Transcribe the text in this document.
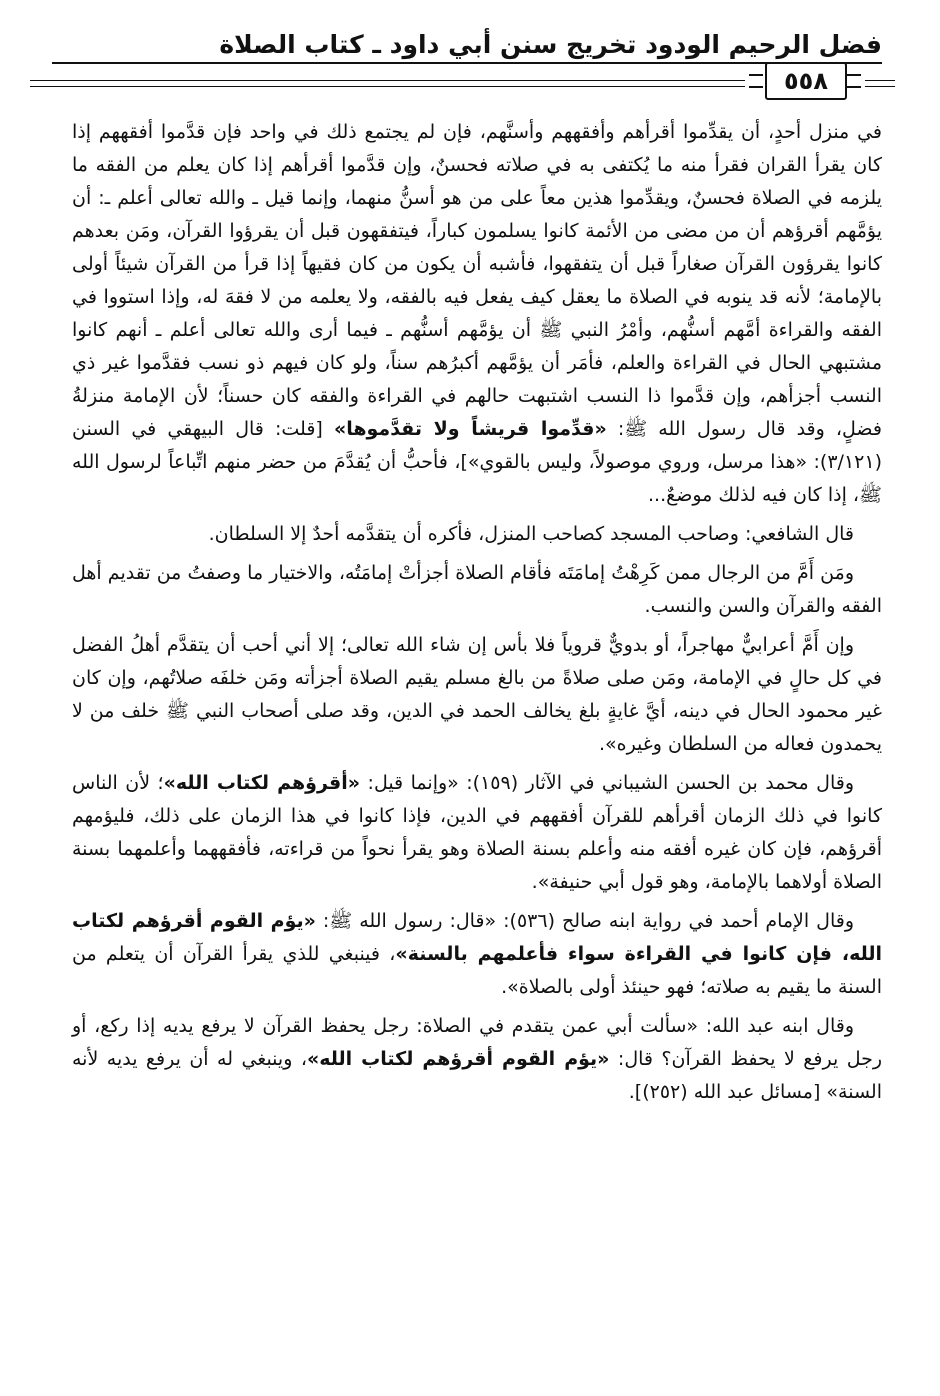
فضل الرحيم الودود تخريج سنن أبي داود ـ كتاب الصلاة
٥٥٨

في منزل أحدٍ، أن يقدِّموا أقرأهم وأفقههم وأسنَّهم، فإن لم يجتمع ذلك في واحد فإن قدَّموا أفقههم إذا كان يقرأ القران فقرأ منه ما يُكتفى به في صلاته فحسنٌ، وإن قدَّموا أقرأهم إذا كان يعلم من الفقه ما يلزمه في الصلاة فحسنٌ، ويقدِّموا هذين معاً على من هو أسنُّ منهما، وإنما قيل ـ والله تعالى أعلم ـ: أن يؤمَّهم أقرؤهم أن من مضى من الأئمة كانوا يسلمون كباراً، فيتفقهون قبل أن يقرؤوا القرآن، ومَن بعدهم كانوا يقرؤون القرآن صغاراً قبل أن يتفقهوا، فأشبه أن يكون من كان فقيهاً إذا قرأ من القرآن شيئاً أولى بالإمامة؛ لأنه قد ينوبه في الصلاة ما يعقل كيف يفعل فيه بالفقه، ولا يعلمه من لا فقهَ له، وإذا استووا في الفقه والقراءة أمَّهم أسنُّهم، وأمْرُ النبي ﷺ أن يؤمَّهم أسنُّهم ـ فيما أرى والله تعالى أعلم ـ أنهم كانوا مشتبهي الحال في القراءة والعلم، فأمَر أن يؤمَّهم أكبرُهم سناً، ولو كان فيهم ذو نسب فقدَّموا غير ذي النسب أجزأهم، وإن قدَّموا ذا النسب اشتبهت حالهم في القراءة والفقه كان حسناً؛ لأن الإمامة منزلةُ فضلٍ، وقد قال رسول الله ﷺ: «قدِّموا قريشاً ولا تقدَّموها» [قلت: قال البيهقي في السنن (٣/١٢١): «هذا مرسل، وروي موصولاً، وليس بالقوي»]، فأحبُّ أن يُقدَّمَ من حضر منهم اتِّباعاً لرسول الله ﷺ، إذا كان فيه لذلك موضعٌ...

قال الشافعي: وصاحب المسجد كصاحب المنزل، فأكره أن يتقدَّمه أحدٌ إلا السلطان.

ومَن أَمَّ من الرجال ممن كَرِهْتُ إمامَتَه فأقام الصلاة أجزأتْ إمامَتُه، والاختيار ما وصفتُ من تقديم أهل الفقه والقرآن والسن والنسب.

وإن أَمَّ أعرابيٌّ مهاجراً، أو بدويٌّ قروياً فلا بأس إن شاء الله تعالى؛ إلا أني أحب أن يتقدَّم أهلُ الفضل في كل حالٍ في الإمامة، ومَن صلى صلاةً من بالغ مسلم يقيم الصلاة أجزأته ومَن خلفَه صلاتُهم، وإن كان غير محمود الحال في دينه، أيَّ غايةٍ بلغ يخالف الحمد في الدين، وقد صلى أصحاب النبي ﷺ خلف من لا يحمدون فعاله من السلطان وغيره».

وقال محمد بن الحسن الشيباني في الآثار (١٥٩): «وإنما قيل: «أقرؤهم لكتاب الله»؛ لأن الناس كانوا في ذلك الزمان أقرأهم للقرآن أفقههم في الدين، فإذا كانوا في هذا الزمان على ذلك، فليؤمهم أقرؤهم، فإن كان غيره أفقه منه وأعلم بسنة الصلاة وهو يقرأ نحواً من قراءته، فأفقههما وأعلمهما بسنة الصلاة أولاهما بالإمامة، وهو قول أبي حنيفة».

وقال الإمام أحمد في رواية ابنه صالح (٥٣٦): «قال: رسول الله ﷺ: «يؤم القوم أقرؤهم لكتاب الله، فإن كانوا في القراءة سواء فأعلمهم بالسنة»، فينبغي للذي يقرأ القرآن أن يتعلم من السنة ما يقيم به صلاته؛ فهو حينئذ أولى بالصلاة».

وقال ابنه عبد الله: «سألت أبي عمن يتقدم في الصلاة: رجل يحفظ القرآن لا يرفع يديه إذا ركع، أو رجل يرفع لا يحفظ القرآن؟ قال: «يؤم القوم أقرؤهم لكتاب الله»، وينبغي له أن يرفع يديه لأنه السنة» [مسائل عبد الله (٢٥٢)].
